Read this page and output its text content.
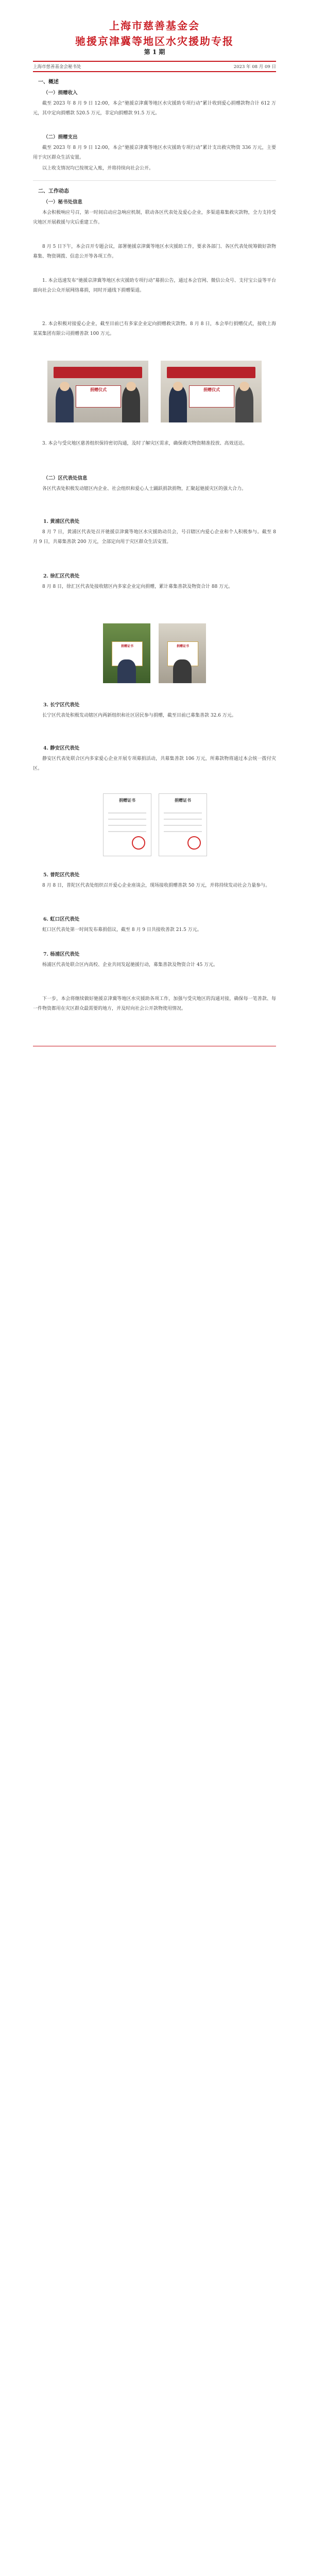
上海市慈善基金会
驰援京津冀等地区水灾援助专报
第 1 期
上海市慈善基金会秘书处	2023 年 08 月 09 日
一、概述
（一）捐赠收入

截至 2023 年 8 月 9 日 12:00，本会“驰援京津冀等地区水灾援助专项行动”累计收到爱心捐赠款物合计 612 万元，其中定向捐赠款 520.5 万元，非定向捐赠款 91.5 万元。

（二）捐赠支出

截至 2023 年 8 月 9 日 12:00，本会“驰援京津冀等地区水灾援助专项行动”累计支出救灾物资 336 万元，主要用于灾区群众生活安置。

以上收支情况均已按规定入账，并将持续向社会公开。

二、工作动态
（一）秘书处信息

本会积极响应号召，第一时间启动应急响应机制，联动各区代表处及爱心企业，多渠道募集救灾款物，全力支持受灾地区开展救援与灾后重建工作。

8 月 5 日下午，本会召开专题会议，部署驰援京津冀等地区水灾援助工作，要求各部门、各区代表处统筹做好款物募集、物资调拨、信息公开等各项工作。

1. 本会迅速发布“驰援京津冀等地区水灾援助专项行动”募捐公告，通过本会官网、微信公众号、支付宝公益等平台面向社会公众开展网络募捐，同时开通线下捐赠渠道。

2. 本会积极对接爱心企业，截至目前已有多家企业定向捐赠救灾款物。8 月 8 日，本会举行捐赠仪式，接收上海某某集团有限公司捐赠善款 100 万元。

捐赠仪式	捐赠仪式

3. 本会与受灾地区慈善组织保持密切沟通，及时了解灾区需求，确保救灾物资精准投放、高效送达。

（二）区代表处信息

各区代表处积极发动辖区内企业、社会组织和爱心人士踊跃捐款捐物，汇聚起驰援灾区的强大合力。

1. 黄浦区代表处

8 月 7 日，黄浦区代表处召开驰援京津冀等地区水灾援助动员会，号召辖区内爱心企业和个人积极参与。截至 8 月 9 日，共募集善款 200 万元，全部定向用于灾区群众生活安置。

2. 徐汇区代表处

8 月 8 日，徐汇区代表处接收辖区内多家企业定向捐赠，累计募集善款及物资合计 88 万元。

捐赠证书	捐赠证书
3. 长宁区代表处

长宁区代表处积极发动辖区内两新组织和社区居民参与捐赠，截至目前已募集善款 32.6 万元。

4. 静安区代表处

静安区代表处联合区内多家爱心企业开展专项募捐活动，共募集善款 106 万元，所募款物将通过本会统一拨付灾区。

捐赠证书	捐赠证书
5. 普陀区代表处

8 月 8 日，普陀区代表处组织召开爱心企业座谈会，现场接收捐赠善款 50 万元，并将持续发动社会力量参与。

6. 虹口区代表处

虹口区代表处第一时间发布募捐倡议，截至 8 月 9 日共接收善款 21.5 万元。

7. 杨浦区代表处

杨浦区代表处联合区内高校、企业共同发起驰援行动，募集善款及物资合计 45 万元。

下一步，本会将继续做好驰援京津冀等地区水灾援助各项工作，加强与受灾地区的沟通对接，确保每一笔善款、每一件物资都用在灾区群众最需要的地方，并及时向社会公开款物使用情况。
